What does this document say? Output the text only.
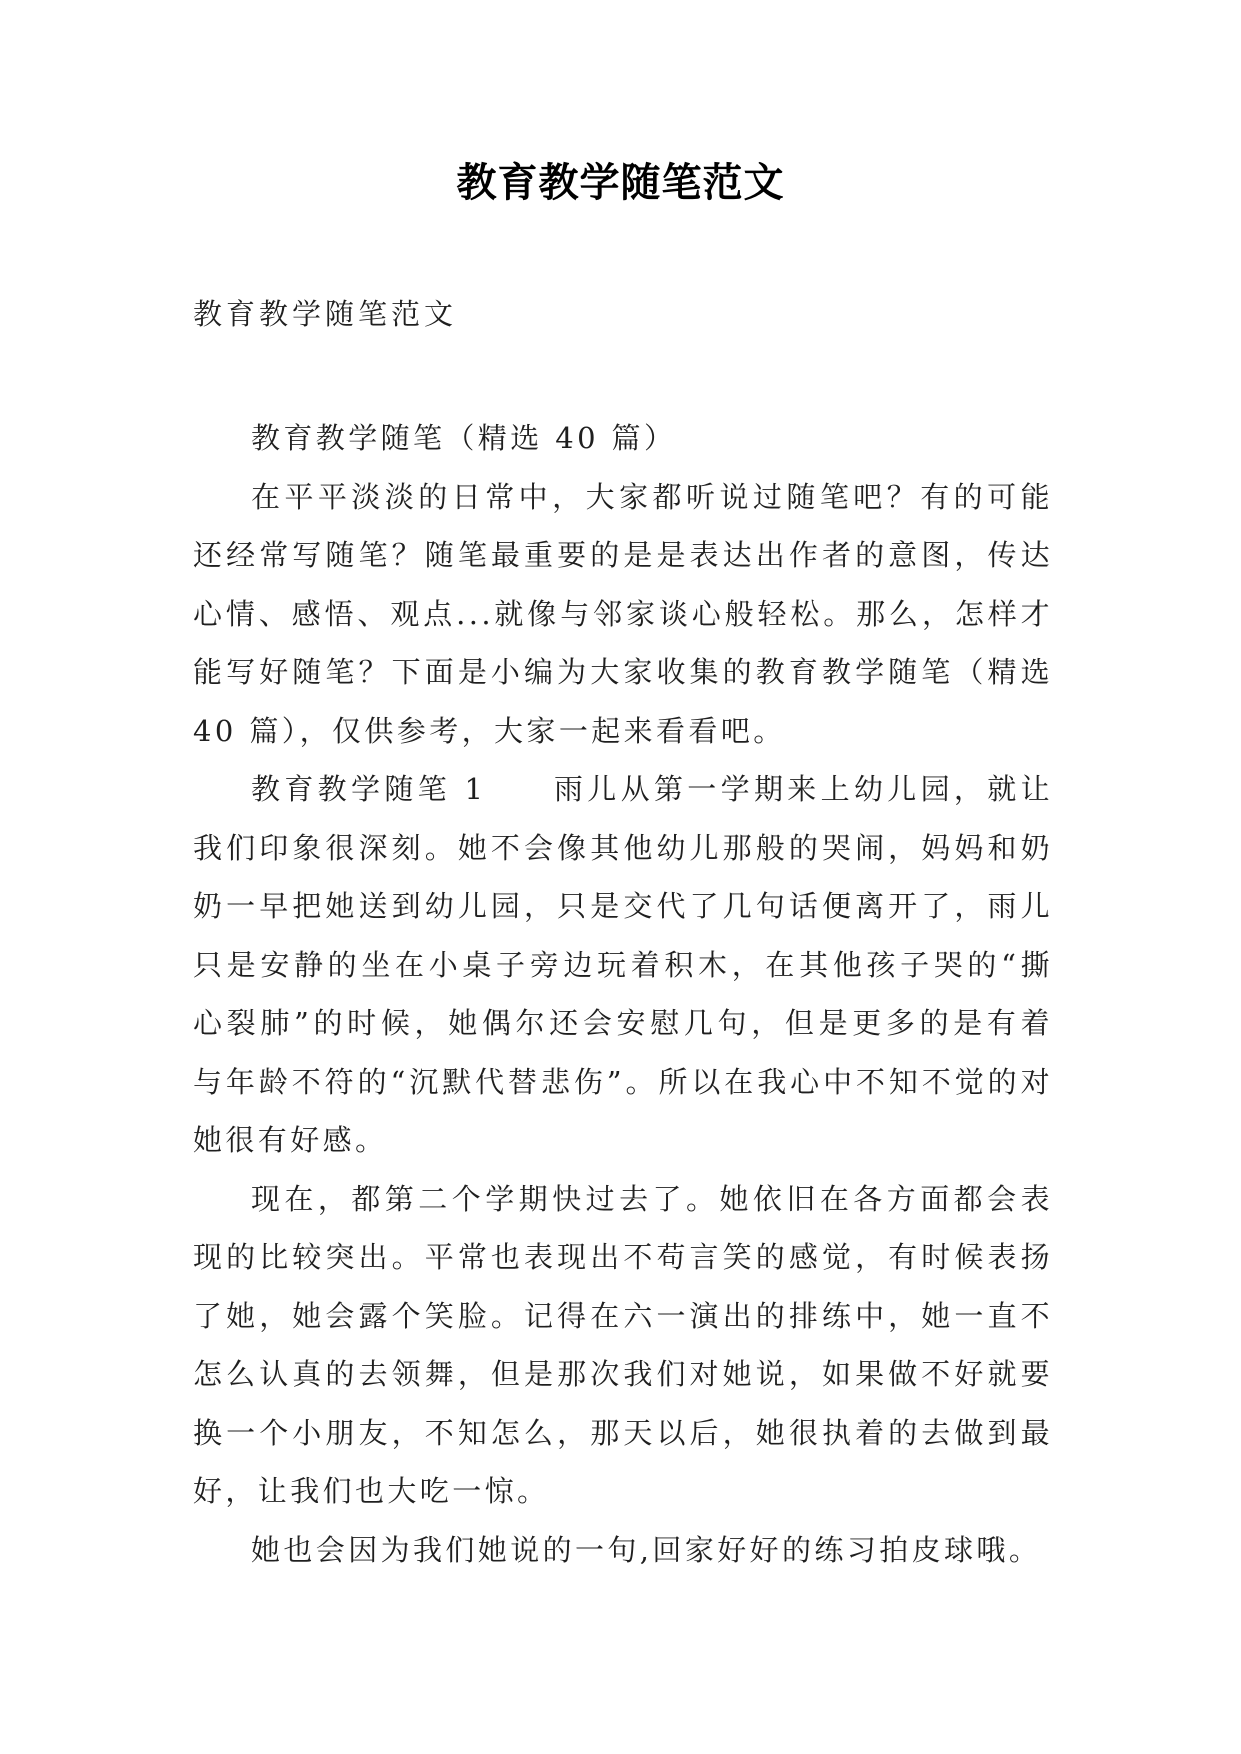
教育教学随笔范文
教育教学随笔范文

教育教学随笔（精选 40 篇）

在平平淡淡的日常中，大家都听说过随笔吧？有的可能还经常写随笔？随笔最重要的是是表达出作者的意图，传达心情、感悟、观点...就像与邻家谈心般轻松。那么，怎样才能写好随笔？下面是小编为大家收集的教育教学随笔（精选 40 篇），仅供参考，大家一起来看看吧。

教育教学随笔 1　　雨儿从第一学期来上幼儿园，就让我们印象很深刻。她不会像其他幼儿那般的哭闹，妈妈和奶奶一早把她送到幼儿园，只是交代了几句话便离开了，雨儿只是安静的坐在小桌子旁边玩着积木，在其他孩子哭的“撕心裂肺”的时候，她偶尔还会安慰几句，但是更多的是有着与年龄不符的“沉默代替悲伤”。所以在我心中不知不觉的对她很有好感。

现在，都第二个学期快过去了。她依旧在各方面都会表现的比较突出。平常也表现出不苟言笑的感觉，有时候表扬了她，她会露个笑脸。记得在六一演出的排练中，她一直不怎么认真的去领舞，但是那次我们对她说，如果做不好就要换一个小朋友，不知怎么，那天以后，她很执着的去做到最好，让我们也大吃一惊。

她也会因为我们她说的一句,回家好好的练习拍皮球哦。
